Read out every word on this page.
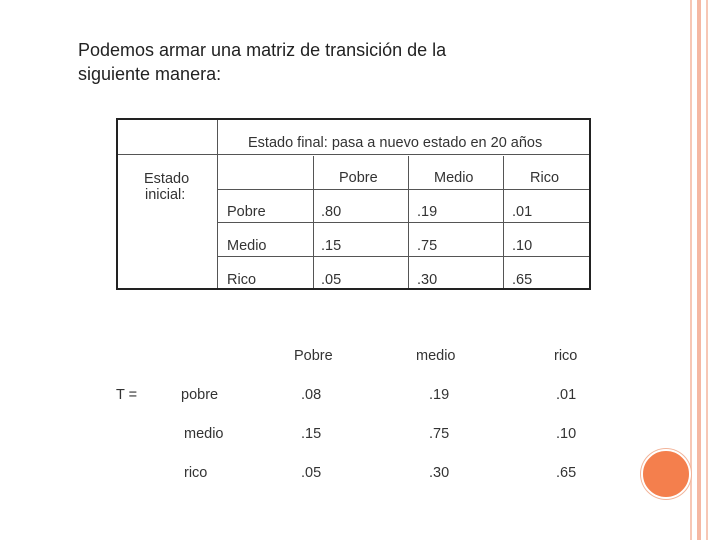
Podemos armar una matriz de transición de la siguiente manera:
Estado final: pasa a nuevo estado en 20 años
Estado
inicial:
Pobre	Medio	Rico
Pobre	.80	.19	.01
Medio	.15	.75	.10
Rico	.05	.30	.65
Pobre	medio	rico
T =	pobre	.08	.19	.01
medio	.15	.75	.10
rico	.05	.30	.65
